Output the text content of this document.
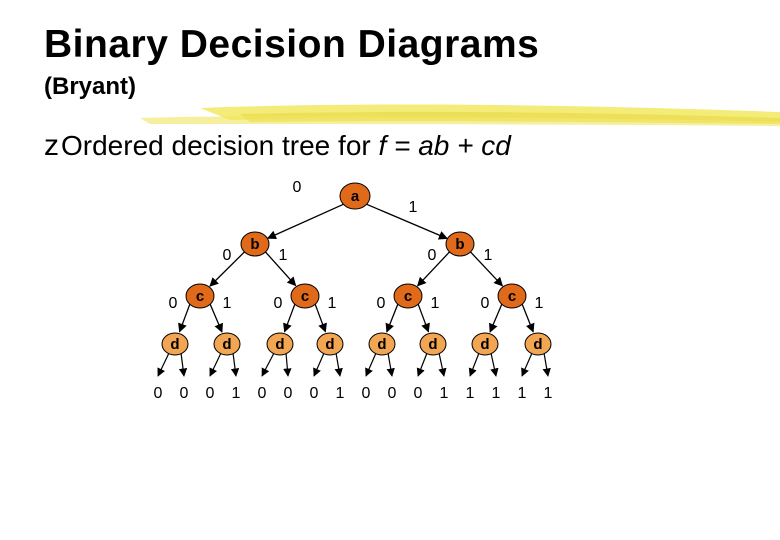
Binary Decision Diagrams
(Bryant)
zOrdered decision tree for f = ab + cd
0
1
0	1	0	1
0	1	0	1	0	1	0	1
a
b	b
c	c	c	c
d	d	d	d	d	d	d	d
0 0 0 1 0 0 0 1 0 0 0 1 1 1 1 1
